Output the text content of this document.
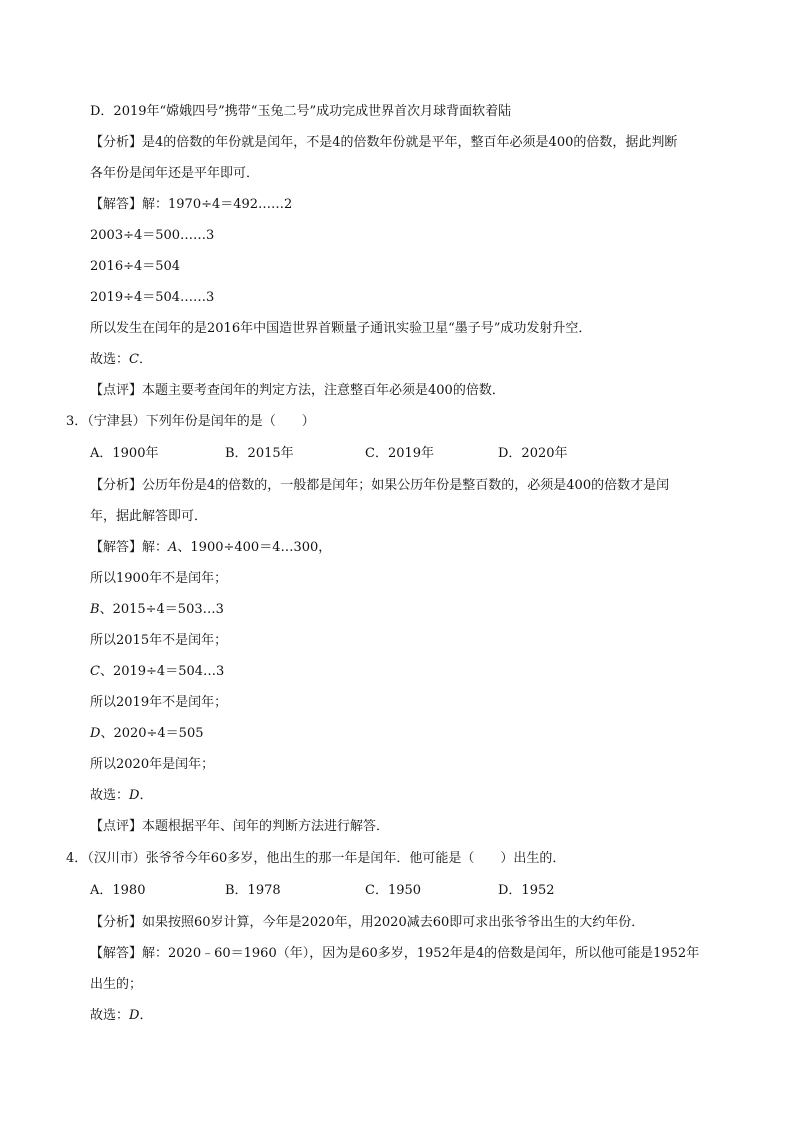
D．2019年“嫦娥四号”携带“玉兔二号”成功完成世界首次月球背面软着陆
【分析】是4的倍数的年份就是闰年，不是4的倍数年份就是平年，整百年必须是400的倍数，据此判断
各年份是闰年还是平年即可．
【解答】解：1970÷4＝492……2
2003÷4＝500……3
2016÷4＝504
2019÷4＝504……3
所以发生在闰年的是2016年中国造世界首颗量子通讯实验卫星“墨子号”成功发射升空．
故选：C．
【点评】本题主要考查闰年的判定方法，注意整百年必须是400的倍数．
3．（宁津县）下列年份是闰年的是（　　）
A．1900年	B．2015年	C．2019年	D．2020年
【分析】公历年份是4的倍数的，一般都是闰年；如果公历年份是整百数的，必须是400的倍数才是闰
年，据此解答即可．
【解答】解：A、1900÷400＝4…300，
所以1900年不是闰年；
B、2015÷4＝503…3
所以2015年不是闰年；
C、2019÷4＝504…3
所以2019年不是闰年；
D、2020÷4＝505
所以2020年是闰年；
故选：D．
【点评】本题根据平年、闰年的判断方法进行解答．
4．（汉川市）张爷爷今年60多岁，他出生的那一年是闰年．他可能是（　　）出生的．
A．1980	B．1978	C．1950	D．1952
【分析】如果按照60岁计算，今年是2020年，用2020减去60即可求出张爷爷出生的大约年份．
【解答】解：2020﹣60＝1960（年），因为是60多岁，1952年是4的倍数是闰年，所以他可能是1952年
出生的；
故选：D．
